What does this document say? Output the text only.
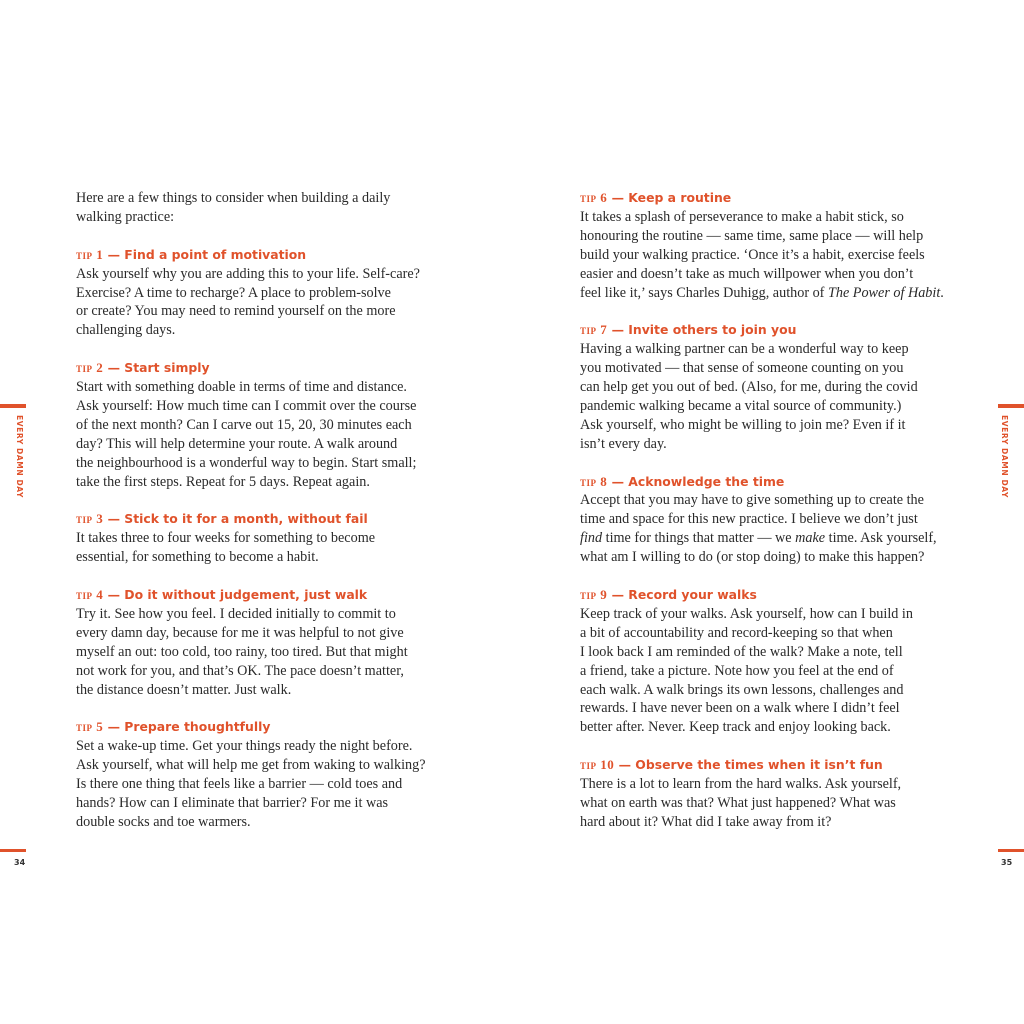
Here are a few things to consider when building a daily
walking practice:
tip 1 — Find a point of motivation
Ask yourself why you are adding this to your life. Self-care?
Exercise? A time to recharge? A place to problem-solve
or create? You may need to remind yourself on the more
challenging days.
tip 2 — Start simply
Start with something doable in terms of time and distance.
Ask yourself: How much time can I commit over the course
of the next month? Can I carve out 15, 20, 30 minutes each
day? This will help determine your route. A walk around
the neighbourhood is a wonderful way to begin. Start small;
take the first steps. Repeat for 5 days. Repeat again.
tip 3 — Stick to it for a month, without fail
It takes three to four weeks for something to become
essential, for something to become a habit.
tip 4 — Do it without judgement, just walk
Try it. See how you feel. I decided initially to commit to
every damn day, because for me it was helpful to not give
myself an out: too cold, too rainy, too tired. But that might
not work for you, and that’s OK. The pace doesn’t matter,
the distance doesn’t matter. Just walk.
tip 5 — Prepare thoughtfully
Set a wake-up time. Get your things ready the night before.
Ask yourself, what will help me get from waking to walking?
Is there one thing that feels like a barrier — cold toes and
hands? How can I eliminate that barrier? For me it was
double socks and toe warmers.
tip 6 — Keep a routine
It takes a splash of perseverance to make a habit stick, so
honouring the routine — same time, same place — will help
build your walking practice. ‘Once it’s a habit, exercise feels
easier and doesn’t take as much willpower when you don’t
feel like it,’ says Charles Duhigg, author of The Power of Habit.
tip 7 — Invite others to join you
Having a walking partner can be a wonderful way to keep
you motivated — that sense of someone counting on you
can help get you out of bed. (Also, for me, during the covid
pandemic walking became a vital source of community.)
Ask yourself, who might be willing to join me? Even if it
isn’t every day.
tip 8 — Acknowledge the time
Accept that you may have to give something up to create the
time and space for this new practice. I believe we don’t just
find time for things that matter — we make time. Ask yourself,
what am I willing to do (or stop doing) to make this happen?
tip 9 — Record your walks
Keep track of your walks. Ask yourself, how can I build in
a bit of accountability and record-keeping so that when
I look back I am reminded of the walk? Make a note, tell
a friend, take a picture. Note how you feel at the end of
each walk. A walk brings its own lessons, challenges and
rewards. I have never been on a walk where I didn’t feel
better after. Never. Keep track and enjoy looking back.
tip 10 — Observe the times when it isn’t fun
There is a lot to learn from the hard walks. Ask yourself,
what on earth was that? What just happened? What was
hard about it? What did I take away from it?
EVERY DAMN DAY	EVERY DAMN DAY
34	35
